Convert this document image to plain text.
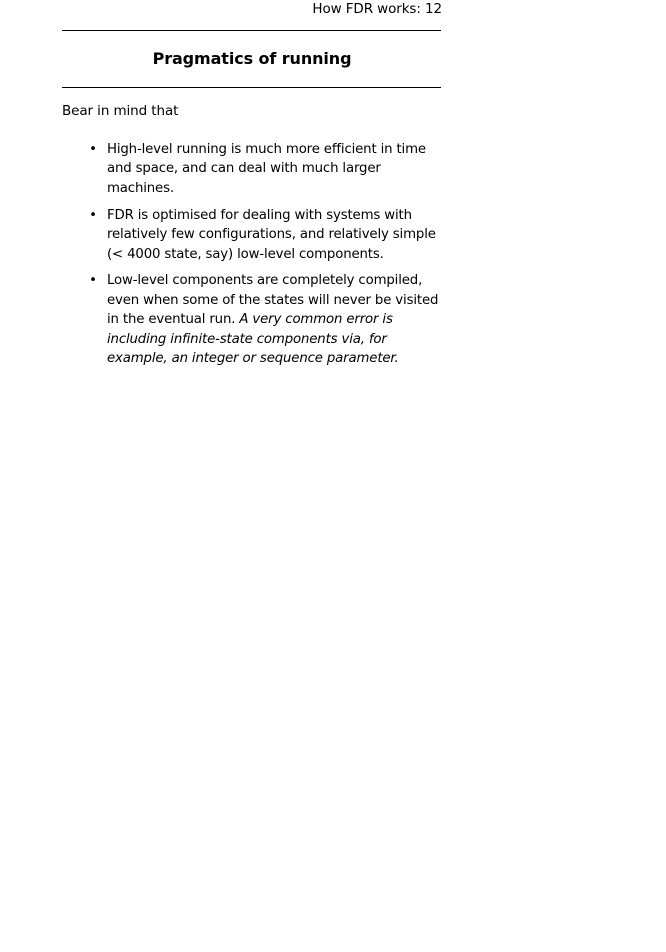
How FDR works: 12
Pragmatics of running
Bear in mind that
• High-level running is much more efficient in time and space, and can deal with much larger machines.
• FDR is optimised for dealing with systems with relatively few configurations, and relatively simple (< 4000 state, say) low-level components.
• Low-level components are completely compiled, even when some of the states will never be visited in the eventual run. A very common error is including infinite-state components via, for example, an integer or sequence parameter.
